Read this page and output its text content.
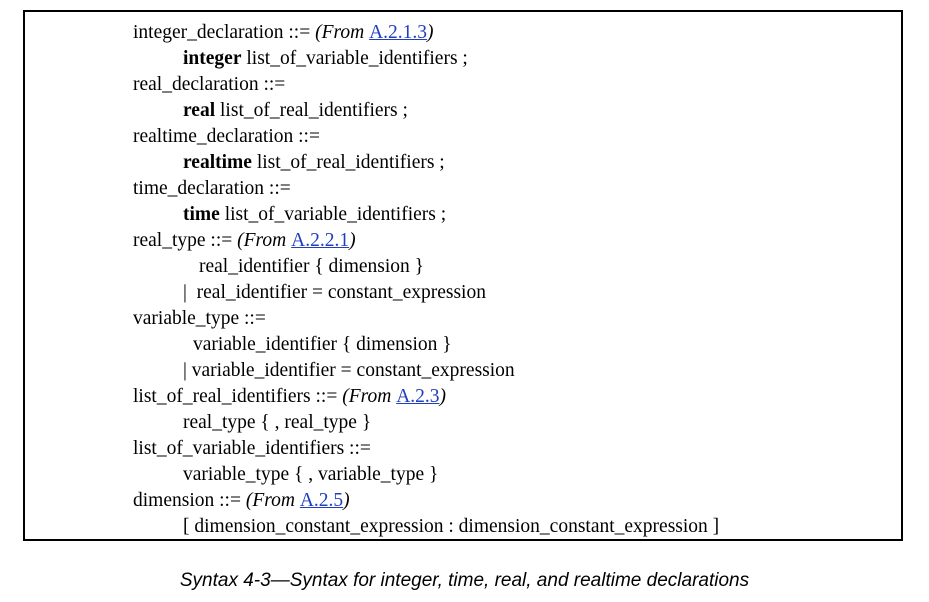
integer_declaration ::= (From A.2.1.3)
integer list_of_variable_identifiers ;
real_declaration ::=
real list_of_real_identifiers ;
realtime_declaration ::=
realtime list_of_real_identifiers ;
time_declaration ::=
time list_of_variable_identifiers ;
real_type ::= (From A.2.2.1)
real_identifier { dimension }
|  real_identifier = constant_expression
variable_type ::=
variable_identifier { dimension }
| variable_identifier = constant_expression
list_of_real_identifiers ::= (From A.2.3)
real_type { , real_type }
list_of_variable_identifiers ::=
variable_type { , variable_type }
dimension ::= (From A.2.5)
[ dimension_constant_expression : dimension_constant_expression ]
Syntax 4-3—Syntax for integer, time, real, and realtime declarations
